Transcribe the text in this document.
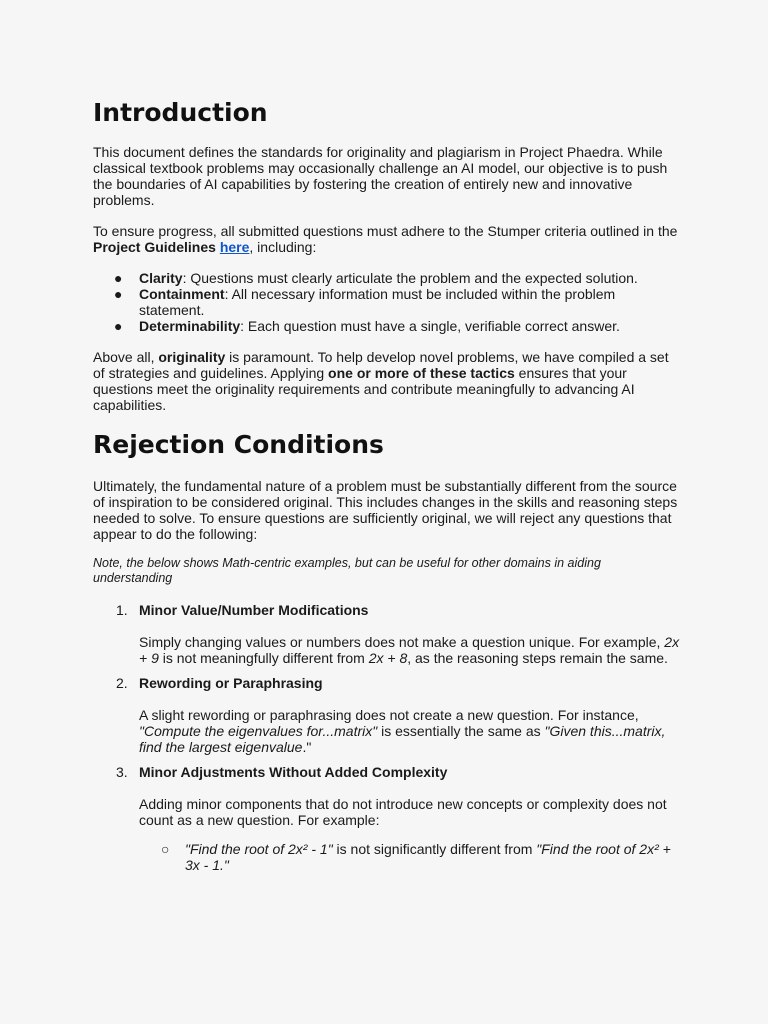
Introduction

This document defines the standards for originality and plagiarism in Project Phaedra. While classical textbook problems may occasionally challenge an AI model, our objective is to push the boundaries of AI capabilities by fostering the creation of entirely new and innovative problems.

To ensure progress, all submitted questions must adhere to the Stumper criteria outlined in the Project Guidelines here, including:

● Clarity: Questions must clearly articulate the problem and the expected solution.
● Containment: All necessary information must be included within the problem statement.
● Determinability: Each question must have a single, verifiable correct answer.

Above all, originality is paramount. To help develop novel problems, we have compiled a set of strategies and guidelines. Applying one or more of these tactics ensures that your questions meet the originality requirements and contribute meaningfully to advancing AI capabilities.

Rejection Conditions

Ultimately, the fundamental nature of a problem must be substantially different from the source of inspiration to be considered original. This includes changes in the skills and reasoning steps needed to solve. To ensure questions are sufficiently original, we will reject any questions that appear to do the following:

Note, the below shows Math-centric examples, but can be useful for other domains in aiding understanding

1. Minor Value/Number Modifications
Simply changing values or numbers does not make a question unique. For example, 2x + 9 is not meaningfully different from 2x + 8, as the reasoning steps remain the same.
2. Rewording or Paraphrasing
A slight rewording or paraphrasing does not create a new question. For instance, "Compute the eigenvalues for...matrix" is essentially the same as "Given this...matrix, find the largest eigenvalue."
3. Minor Adjustments Without Added Complexity
Adding minor components that do not introduce new concepts or complexity does not count as a new question. For example:
○ "Find the root of 2x² - 1" is not significantly different from "Find the root of 2x² + 3x - 1."
